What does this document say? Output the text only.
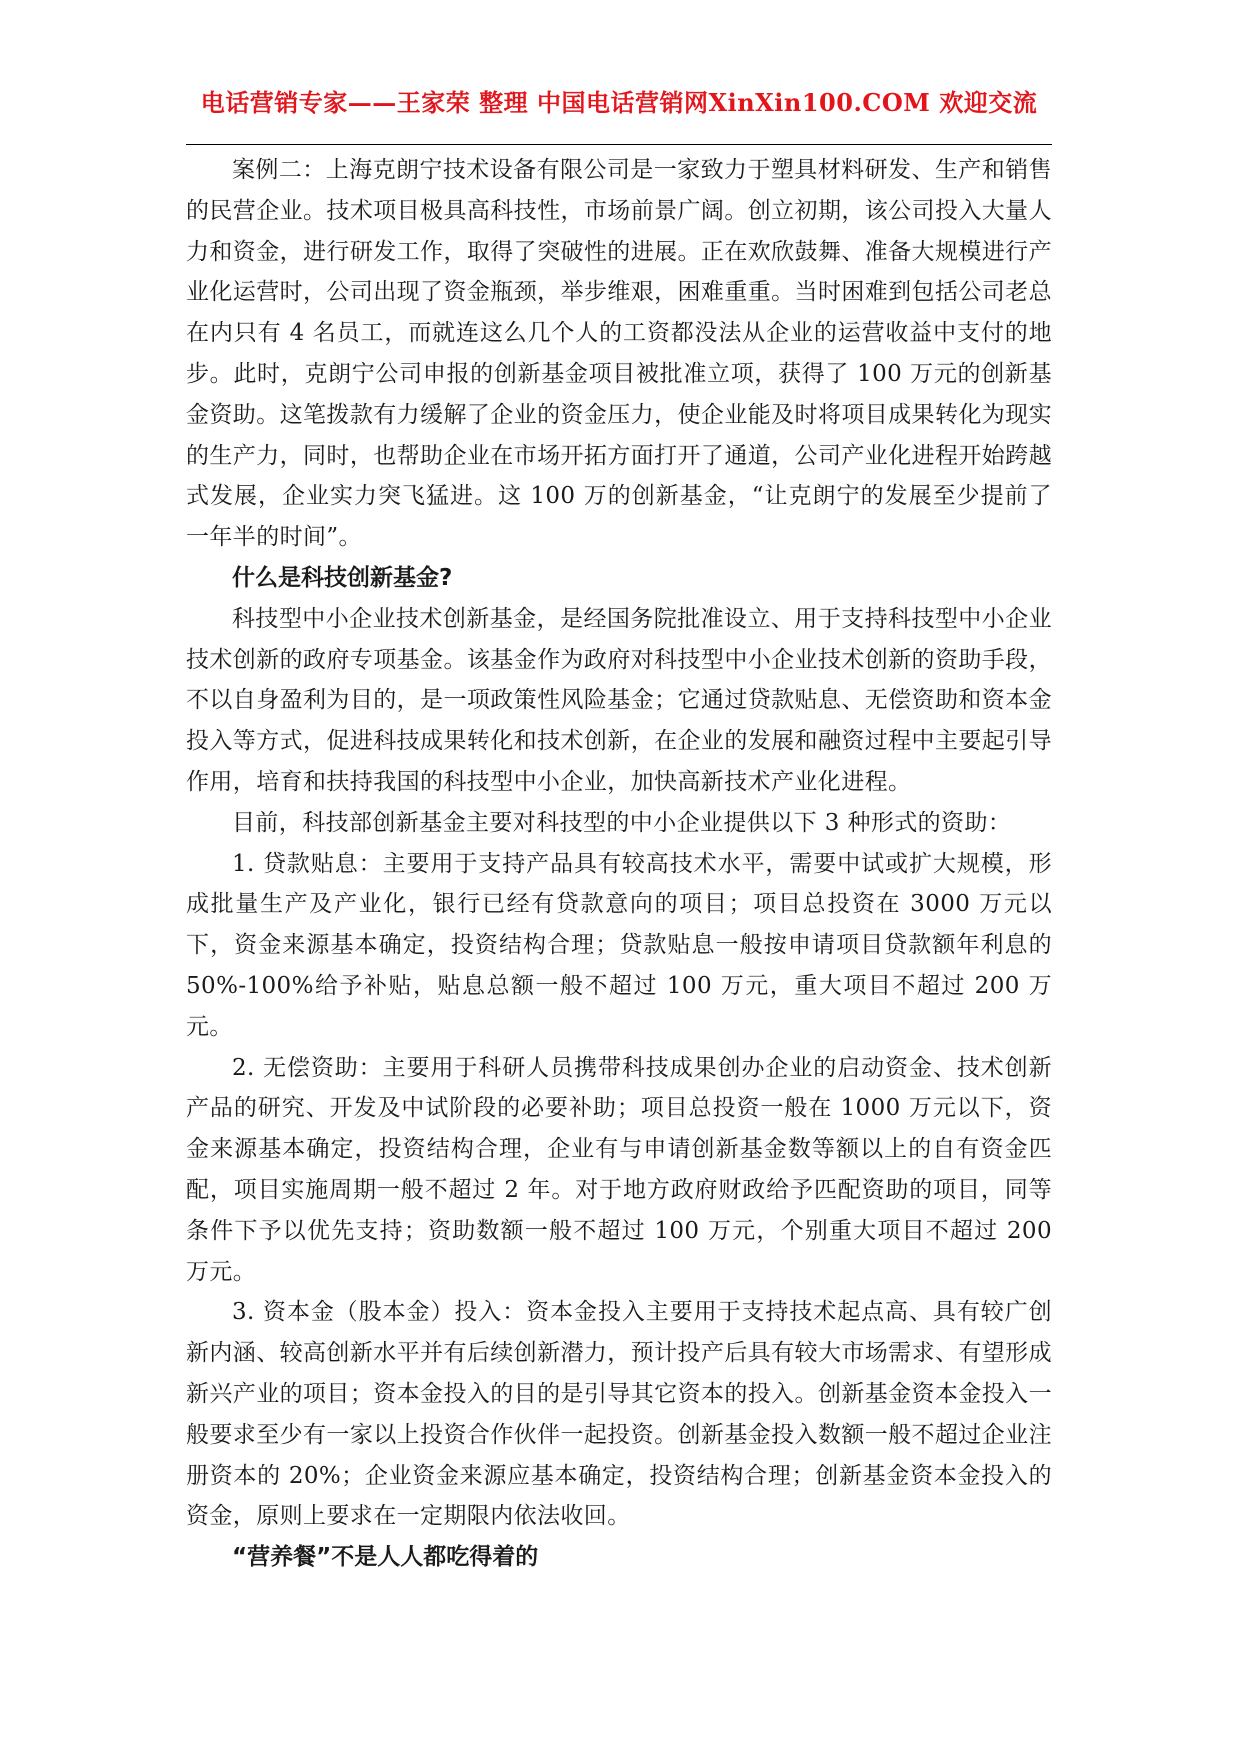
电话营销专家——王家荣 整理 中国电话营销网XinXin100.COM 欢迎交流

案例二：上海克朗宁技术设备有限公司是一家致力于塑具材料研发、生产和销售的民营企业。技术项目极具高科技性，市场前景广阔。创立初期，该公司投入大量人力和资金，进行研发工作，取得了突破性的进展。正在欢欣鼓舞、准备大规模进行产业化运营时，公司出现了资金瓶颈，举步维艰，困难重重。当时困难到包括公司老总在内只有 4 名员工，而就连这么几个人的工资都没法从企业的运营收益中支付的地步。此时，克朗宁公司申报的创新基金项目被批准立项，获得了 100 万元的创新基金资助。这笔拨款有力缓解了企业的资金压力，使企业能及时将项目成果转化为现实的生产力，同时，也帮助企业在市场开拓方面打开了通道，公司产业化进程开始跨越式发展，企业实力突飞猛进。这 100 万的创新基金，“让克朗宁的发展至少提前了一年半的时间”。

什么是科技创新基金?

科技型中小企业技术创新基金，是经国务院批准设立、用于支持科技型中小企业技术创新的政府专项基金。该基金作为政府对科技型中小企业技术创新的资助手段，不以自身盈利为目的，是一项政策性风险基金；它通过贷款贴息、无偿资助和资本金投入等方式，促进科技成果转化和技术创新，在企业的发展和融资过程中主要起引导作用，培育和扶持我国的科技型中小企业，加快高新技术产业化进程。

目前，科技部创新基金主要对科技型的中小企业提供以下 3 种形式的资助：

1. 贷款贴息：主要用于支持产品具有较高技术水平，需要中试或扩大规模，形成批量生产及产业化，银行已经有贷款意向的项目；项目总投资在 3000 万元以下，资金来源基本确定，投资结构合理；贷款贴息一般按申请项目贷款额年利息的 50%-100%给予补贴，贴息总额一般不超过 100 万元，重大项目不超过 200 万元。

2. 无偿资助：主要用于科研人员携带科技成果创办企业的启动资金、技术创新产品的研究、开发及中试阶段的必要补助；项目总投资一般在 1000 万元以下，资金来源基本确定，投资结构合理，企业有与申请创新基金数等额以上的自有资金匹配，项目实施周期一般不超过 2 年。对于地方政府财政给予匹配资助的项目，同等条件下予以优先支持；资助数额一般不超过 100 万元，个别重大项目不超过 200 万元。

3. 资本金（股本金）投入：资本金投入主要用于支持技术起点高、具有较广创新内涵、较高创新水平并有后续创新潜力，预计投产后具有较大市场需求、有望形成新兴产业的项目；资本金投入的目的是引导其它资本的投入。创新基金资本金投入一般要求至少有一家以上投资合作伙伴一起投资。创新基金投入数额一般不超过企业注册资本的 20%；企业资金来源应基本确定，投资结构合理；创新基金资本金投入的资金，原则上要求在一定期限内依法收回。

“营养餐”不是人人都吃得着的
